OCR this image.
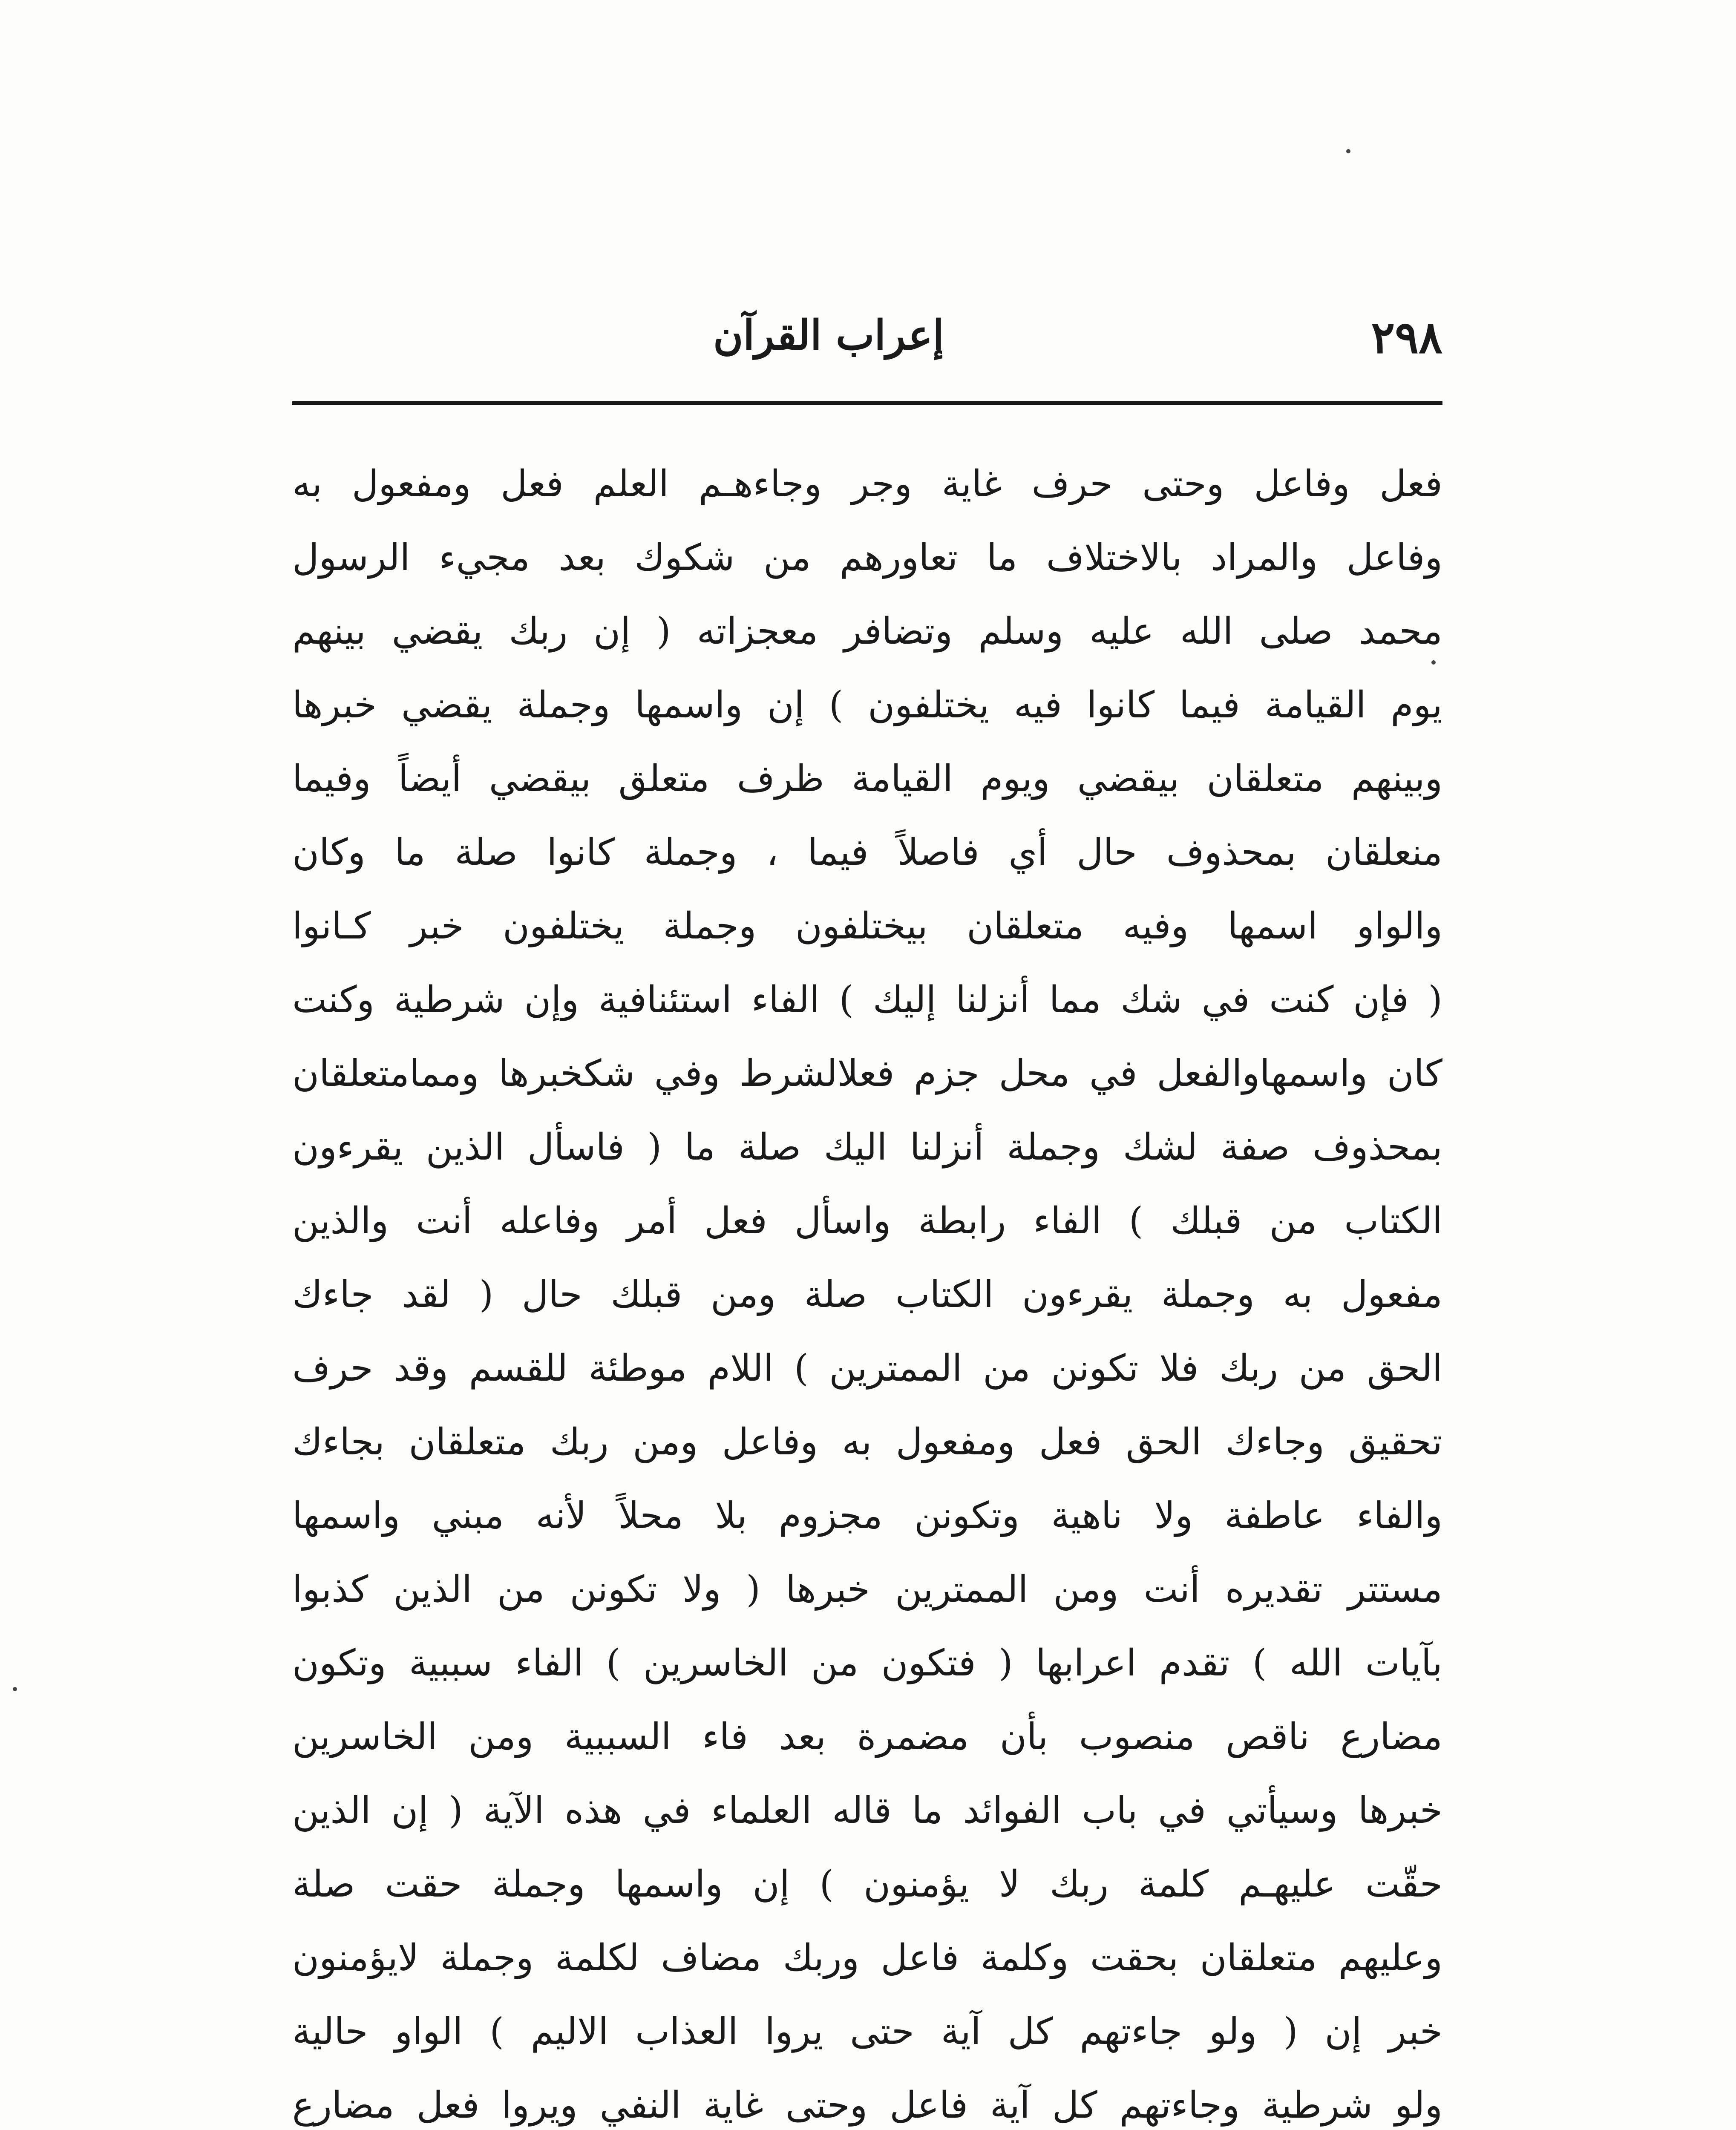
٢٩٨
إعراب القرآن
فعل وفاعل وحتى حرف غاية وجر وجاءهـم العلم فعل ومفعول به
وفاعل والمراد بالاختلاف ما تعاورهم من شكوك بعد مجيء الرسول
محمد صلى الله عليه وسلم وتضافر معجزاته ( إن ربك يقضي بينهم
يوم القيامة فيما كانوا فيه يختلفون ) إن واسمها وجملة يقضي خبرها
وبينهم متعلقان بيقضي ويوم القيامة ظرف متعلق بيقضي أيضاً وفيما
منعلقان بمحذوف حال أي فاصلاً فيما ، وجملة كانوا صلة ما وكان
والواو اسمها وفيه متعلقان بيختلفون وجملة يختلفون خبر كـانوا
( فإن كنت في شك مما أنزلنا إليك ) الفاء استئنافية وإن شرطية وكنت
كان واسمهاوالفعل في محل جزم فعلالشرط وفي شكخبرها وممامتعلقان
بمحذوف صفة لشك وجملة أنزلنا اليك صلة ما ( فاسأل الذين يقرءون
الكتاب من قبلك ) الفاء رابطة واسأل فعل أمر وفاعله أنت والذين
مفعول به وجملة يقرءون الكتاب صلة ومن قبلك حال ( لقد جاءك
الحق من ربك فلا تكونن من الممترين ) اللام موطئة للقسم وقد حرف
تحقيق وجاءك الحق فعل ومفعول به وفاعل ومن ربك متعلقان بجاءك
والفاء عاطفة ولا ناهية وتكونن مجزوم بلا محلاً لأنه مبني واسمها
مستتر تقديره أنت ومن الممترين خبرها ( ولا تكونن من الذين كذبوا
بآيات الله ) تقدم اعرابها ( فتكون من الخاسرين ) الفاء سببية وتكون
مضارع ناقص منصوب بأن مضمرة بعد فاء السببية ومن الخاسرين
خبرها وسيأتي في باب الفوائد ما قاله العلماء في هذه الآية ( إن الذين
حقّت عليهـم كلمة ربك لا يؤمنون ) إن واسمها وجملة حقت صلة
وعليهم متعلقان بحقت وكلمة فاعل وربك مضاف لكلمة وجملة لايؤمنون
خبر إن ( ولو جاءتهم كل آية حتى يروا العذاب الاليم ) الواو حالية
ولو شرطية وجاءتهم كل آية فاعل وحتى غاية النفي ويروا فعل مضارع
